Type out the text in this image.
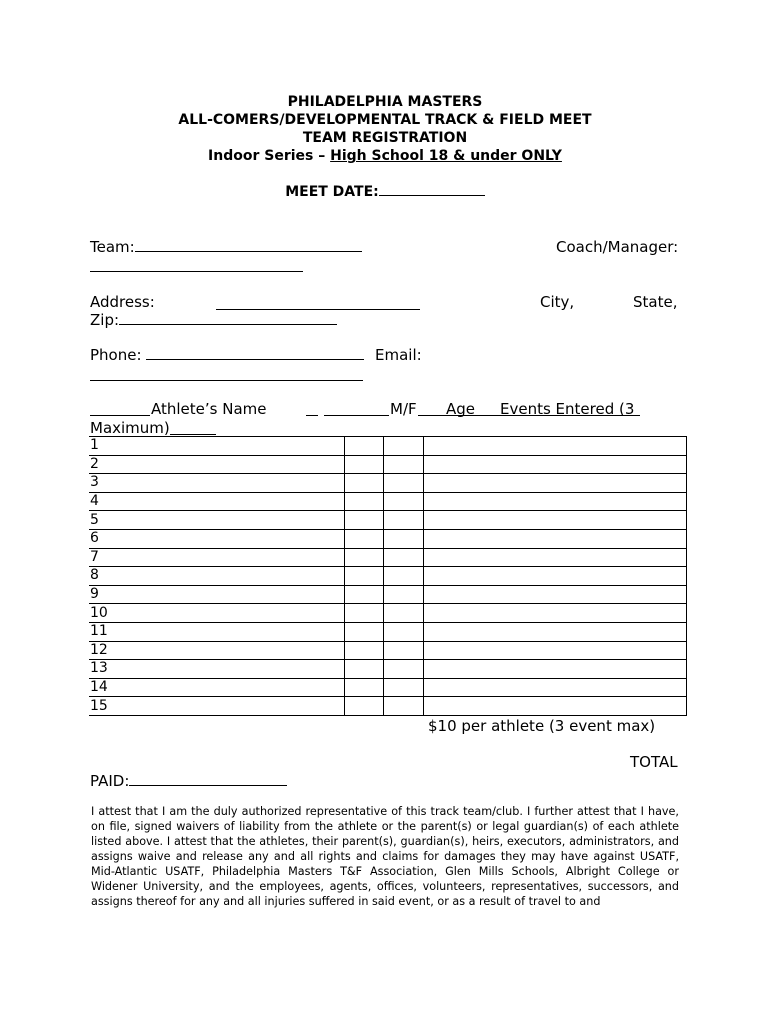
PHILADELPHIA MASTERS
ALL-COMERS/DEVELOPMENTAL TRACK & FIELD MEET
TEAM REGISTRATION
Indoor Series – High School 18 & under ONLY
MEET DATE:
Team:	Coach/Manager:
Address:	City,	State,
Zip:
Phone:	Email:
Athlete’s Name	M/F Age Events Entered (3
Maximum)
1			
2			
3			
4			
5			
6			
7			
8			
9			
10			
11			
12			
13			
14			
15			
$10 per athlete (3 event max)
TOTAL
PAID:
I attest that I am the duly authorized representative of this track team/club. I further attest that I have, on file, signed waivers of liability from the athlete or the parent(s) or legal guardian(s) of each athlete listed above. I attest that the athletes, their parent(s), guardian(s), heirs, executors, administrators, and assigns waive and release any and all rights and claims for damages they may have against USATF, Mid-Atlantic USATF, Philadelphia Masters T&F Association, Glen Mills Schools, Albright College or Widener University, and the employees, agents, offices, volunteers, representatives, successors, and assigns thereof for any and all injuries suffered in said event, or as a result of travel to and
